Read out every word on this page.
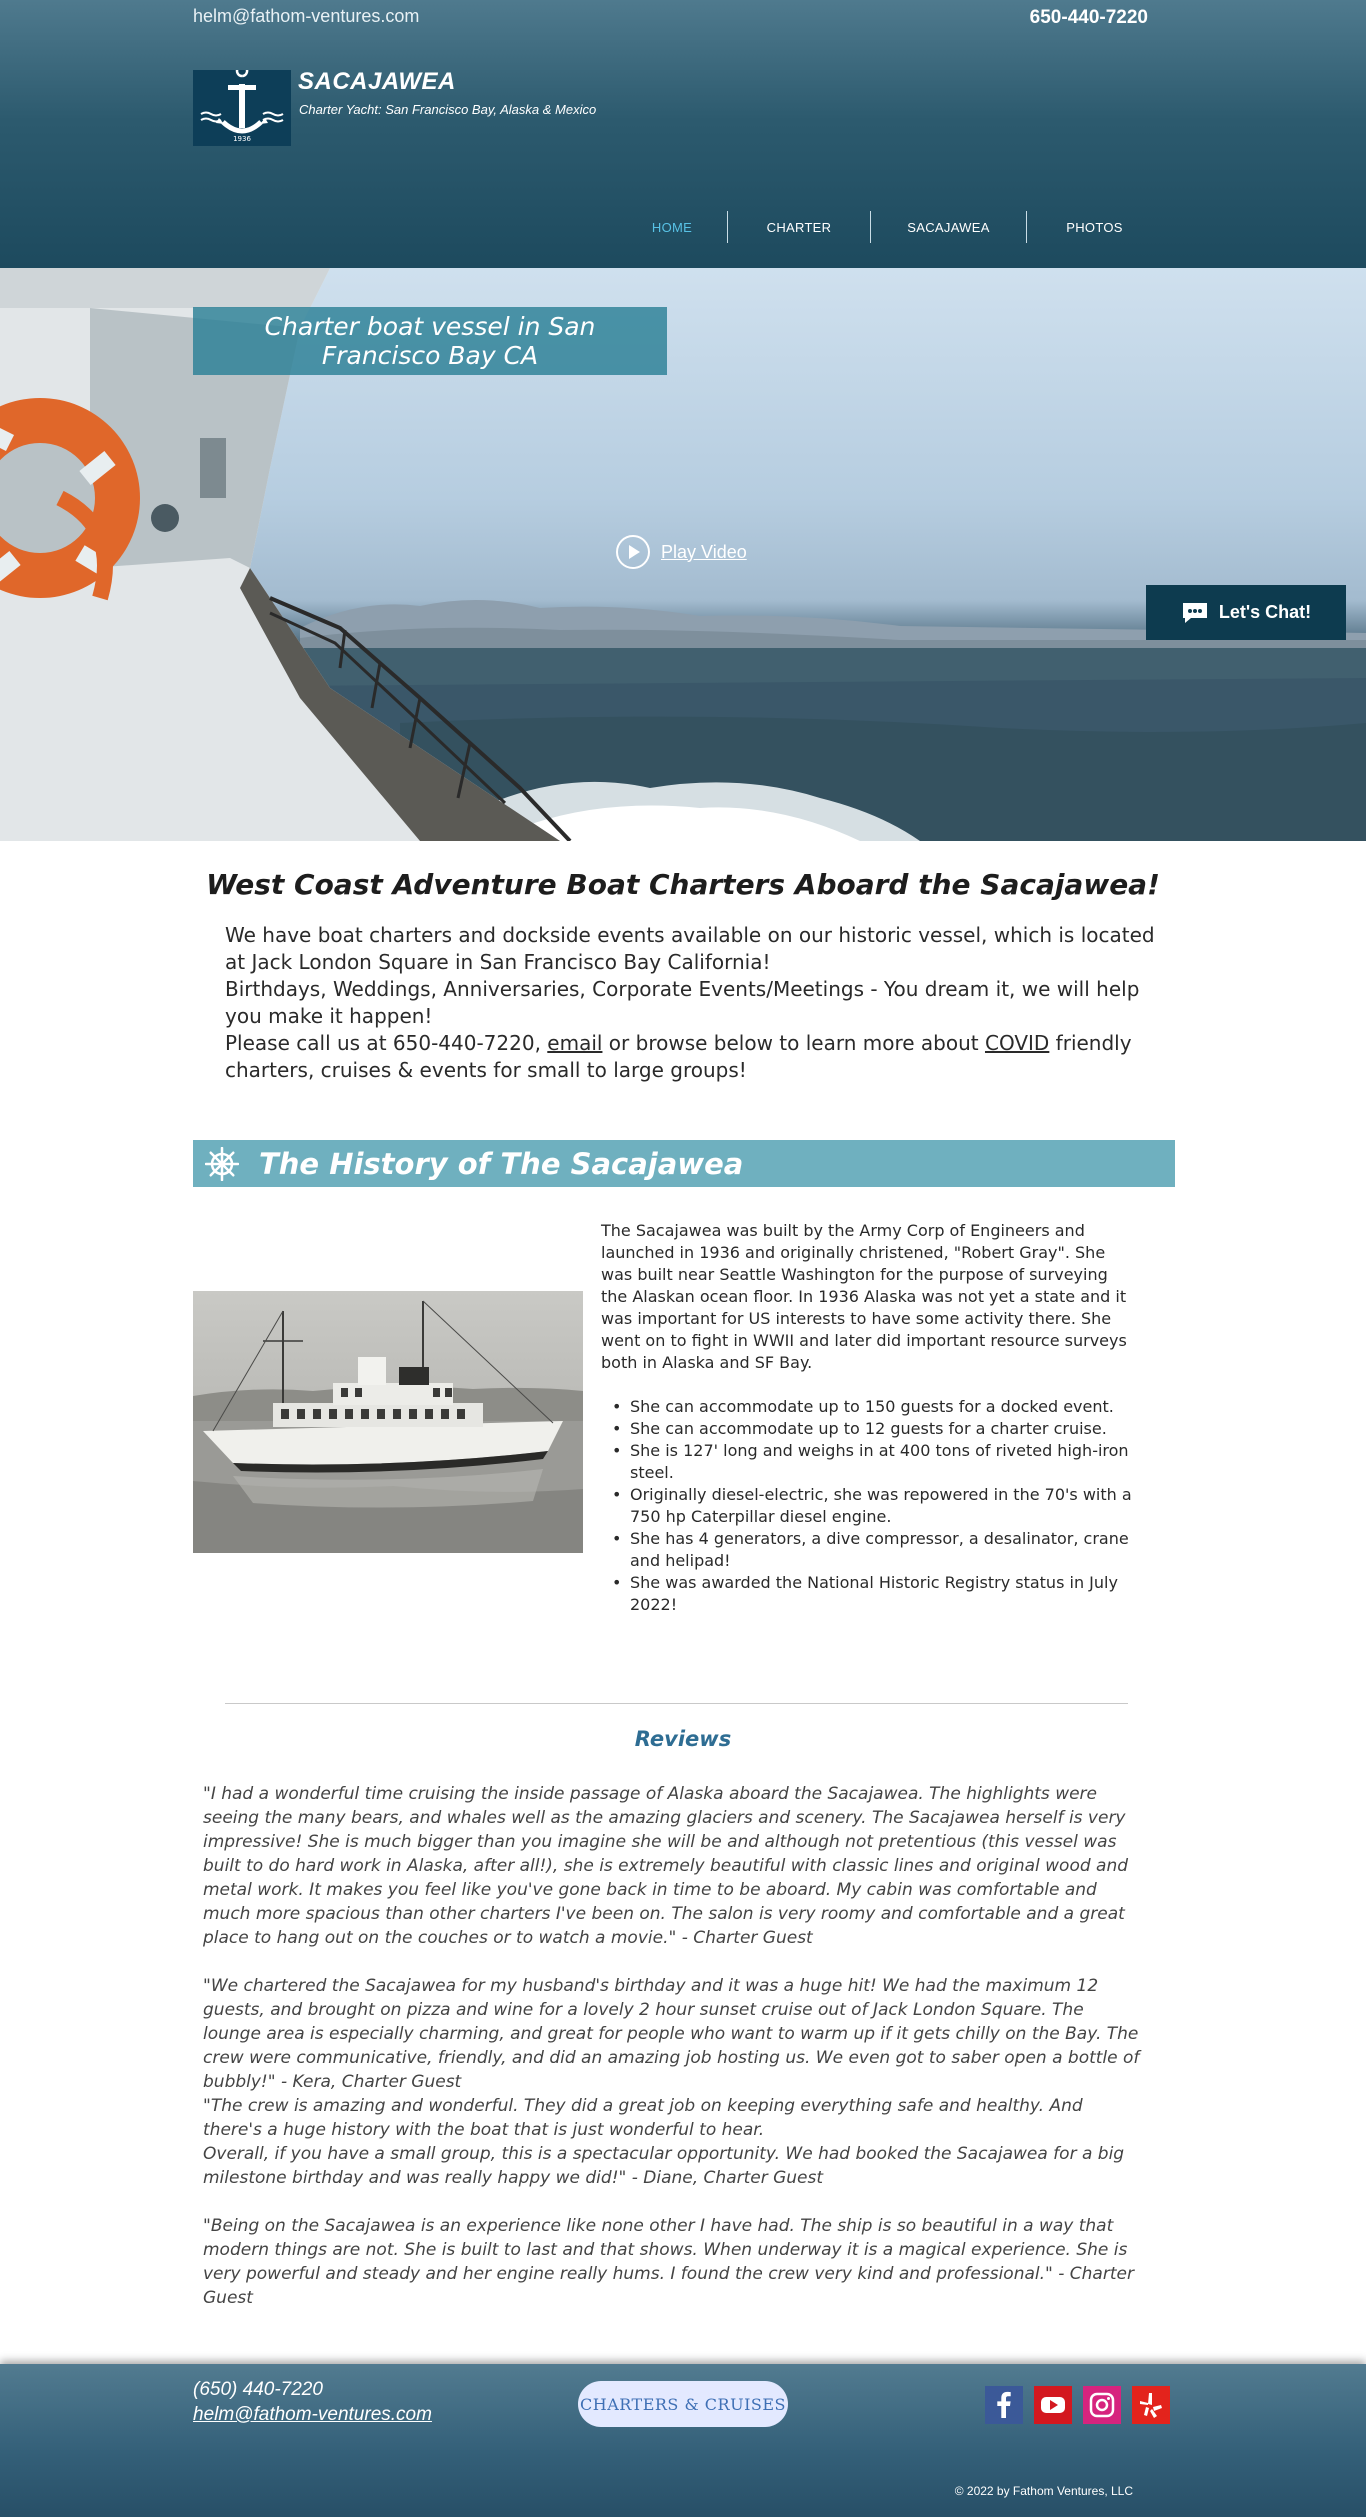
helm@fathom-ventures.com	650-440-7220
1936
SACAJAWEA
Charter Yacht: San Francisco Bay, Alaska & Mexico
HOME	CHARTER	SACAJAWEA	PHOTOS
Charter boat vessel in San Francisco Bay CA
Play Video
Let's Chat!
West Coast Adventure Boat Charters Aboard the Sacajawea!
We have boat charters and dockside events available on our historic vessel, which is located at Jack London Square in San Francisco Bay California!
Birthdays, Weddings, Anniversaries, Corporate Events/Meetings - You dream it, we will help you make it happen!
Please call us at 650-440-7220, email or browse below to learn more about COVID friendly charters, cruises & events for small to large groups!
The History of The Sacajawea

The Sacajawea was built by the Army Corp of Engineers and launched in 1936 and originally christened, "Robert Gray". She was built near Seattle Washington for the purpose of surveying the Alaskan ocean floor. In 1936 Alaska was not yet a state and it was important for US interests to have some activity there. She went on to fight in WWII and later did important resource surveys both in Alaska and SF Bay.

• She can accommodate up to 150 guests for a docked event.
• She can accommodate up to 12 guests for a charter cruise.
• She is 127' long and weighs in at 400 tons of riveted high-iron steel.
• Originally diesel-electric, she was repowered in the 70's with a 750 hp Caterpillar diesel engine.
• She has 4 generators, a dive compressor, a desalinator, crane and helipad!
• She was awarded the National Historic Registry status in July 2022!
Reviews

"I had a wonderful time cruising the inside passage of Alaska aboard the Sacajawea. The highlights were seeing the many bears, and whales well as the amazing glaciers and scenery. The Sacajawea herself is very impressive! She is much bigger than you imagine she will be and although not pretentious (this vessel was built to do hard work in Alaska, after all!), she is extremely beautiful with classic lines and original wood and metal work. It makes you feel like you've gone back in time to be aboard. My cabin was comfortable and much more spacious than other charters I've been on. The salon is very roomy and comfortable and a great place to hang out on the couches or to watch a movie." - Charter Guest

"We chartered the Sacajawea for my husband's birthday and it was a huge hit! We had the maximum 12 guests, and brought on pizza and wine for a lovely 2 hour sunset cruise out of Jack London Square. The lounge area is especially charming, and great for people who want to warm up if it gets chilly on the Bay. The crew were communicative, friendly, and did an amazing job hosting us. We even got to saber open a bottle of bubbly!" - Kera, Charter Guest

"The crew is amazing and wonderful. They did a great job on keeping everything safe and healthy. And there's a huge history with the boat that is just wonderful to hear.

Overall, if you have a small group, this is a spectacular opportunity. We had booked the Sacajawea for a big milestone birthday and was really happy we did!" - Diane, Charter Guest

"Being on the Sacajawea is an experience like none other I have had. The ship is so beautiful in a way that modern things are not. She is built to last and that shows. When underway it is a magical experience. She is very powerful and steady and her engine really hums. I found the crew very kind and professional." - Charter Guest

(650) 440-7220
helm@fathom-ventures.com	CHARTERS & CRUISES
© 2022 by Fathom Ventures, LLC
